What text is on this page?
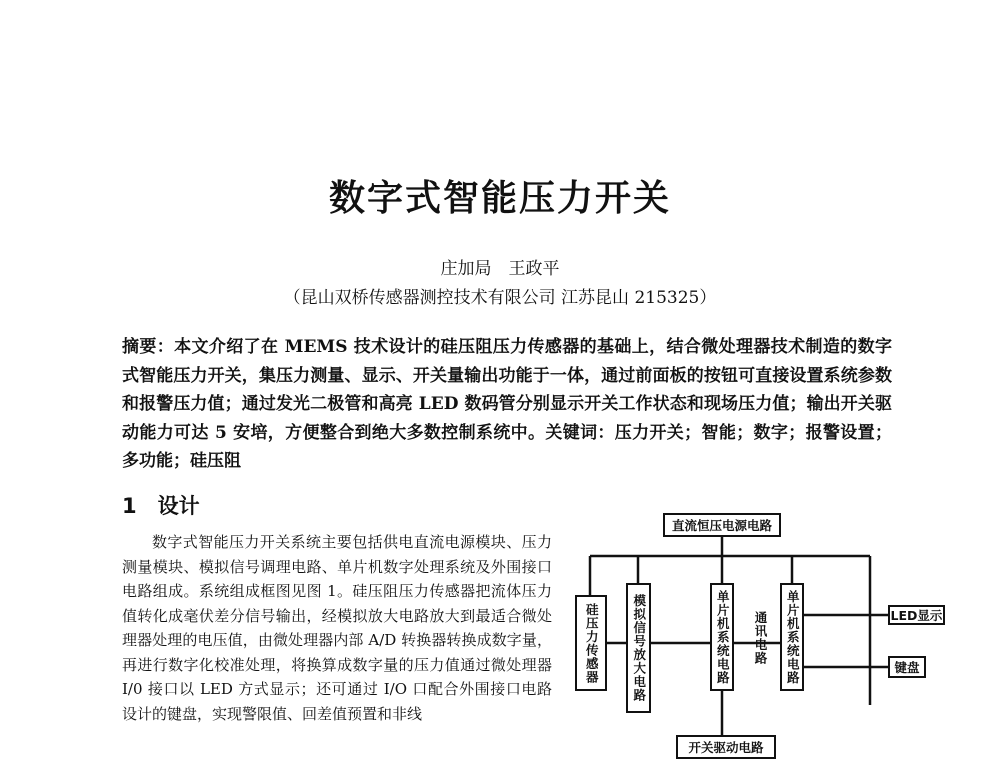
数字式智能压力开关
庄加局　王政平
（昆山双桥传感器测控技术有限公司 江苏昆山 215325）
摘要：本文介绍了在 MEMS 技术设计的硅压阻压力传感器的基础上，结合微处理器技术制造的数字式智能压力开关，集压力测量、显示、开关量输出功能于一体，通过前面板的按钮可直接设置系统参数和报警压力值；通过发光二极管和高亮 LED 数码管分别显示开关工作状态和现场压力值；输出开关驱动能力可达 5 安培，方便整合到绝大多数控制系统中。关键词：压力开关；智能；数字；报警设置；多功能；硅压阻
1　设计
数字式智能压力开关系统主要包括供电直流电源模块、压力测量模块、模拟信号调理电路、单片机数字处理系统及外围接口电路组成。系统组成框图见图 1。硅压阻压力传感器把流体压力值转化成毫伏差分信号输出，经模拟放大电路放大到最适合微处理器处理的电压值，由微处理器内部 A/D 转换器转换成数字量，再进行数字化校准处理，将换算成数字量的压力值通过微处理器 I/0 接口以 LED 方式显示；还可通过 I/O 口配合外围接口电路设计的键盘，实现警限值、回差值预置和非线
直流恒压电源电路
硅压力传感器	模拟信号放大电路	单片机系统电路 通讯电路 单片机系统电路	LED显示
键盘
开关驱动电路
